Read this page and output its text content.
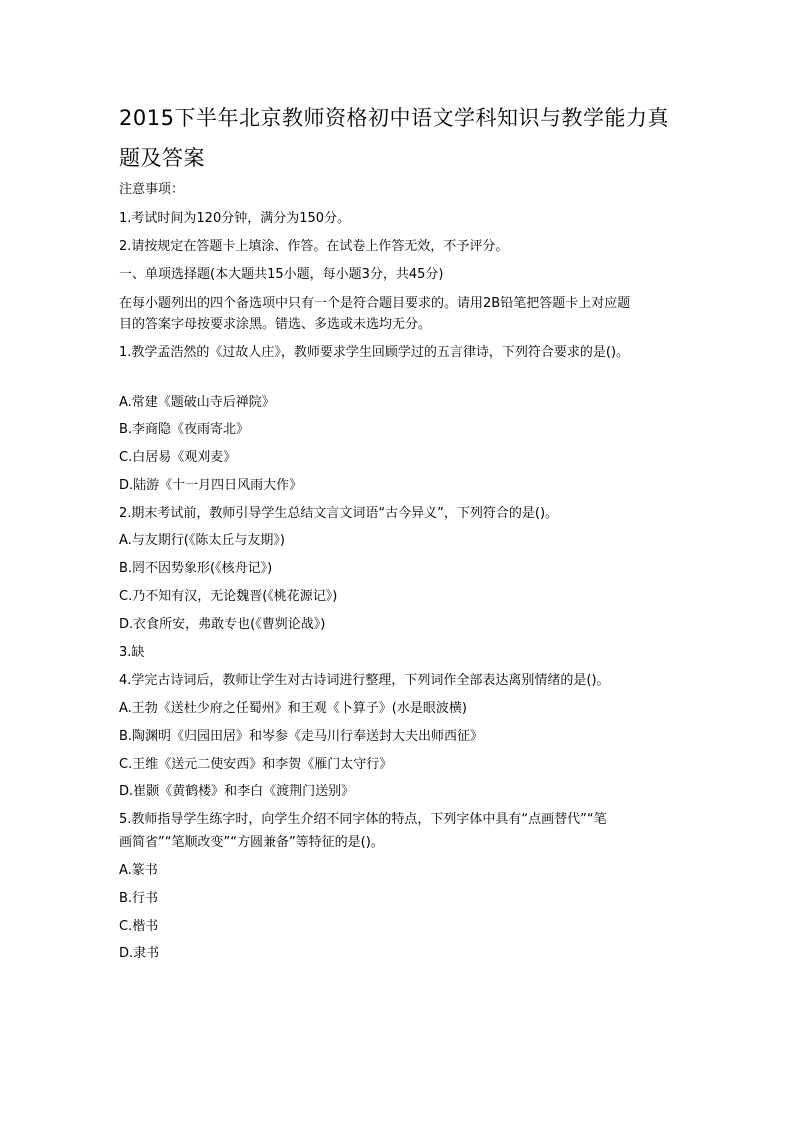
2015下半年北京教师资格初中语文学科知识与教学能力真
题及答案
注意事项：
1.考试时间为120分钟，满分为150分。
2.请按规定在答题卡上填涂、作答。在试卷上作答无效，不予评分。
一、单项选择题(本大题共15小题，每小题3分，共45分)
在每小题列出的四个备选项中只有一个是符合题目要求的。请用2B铅笔把答题卡上对应题
目的答案字母按要求涂黑。错选、多选或未选均无分。
1.教学孟浩然的《过故人庄》，教师要求学生回顾学过的五言律诗，下列符合要求的是()。
A.常建《题破山寺后禅院》
B.李商隐《夜雨寄北》
C.白居易《观刈麦》
D.陆游《十一月四日风雨大作》
2.期末考试前，教师引导学生总结文言文词语“古今异义”，下列符合的是()。
A.与友期行(《陈太丘与友期》)
B.罔不因势象形(《核舟记》)
C.乃不知有汉，无论魏晋(《桃花源记》)
D.衣食所安，弗敢专也(《曹刿论战》)
3.缺
4.学完古诗词后，教师让学生对古诗词进行整理，下列词作全部表达离别情绪的是()。
A.王勃《送杜少府之任蜀州》和王观《卜算子》(水是眼波横)
B.陶渊明《归园田居》和岑参《走马川行奉送封大夫出师西征》
C.王维《送元二使安西》和李贺《雁门太守行》
D.崔颢《黄鹤楼》和李白《渡荆门送别》
5.教师指导学生练字时，向学生介绍不同字体的特点，下列字体中具有“点画替代”“笔
画简省”“笔顺改变”“方圆兼备”等特征的是()。
A.篆书
B.行书
C.楷书
D.隶书
